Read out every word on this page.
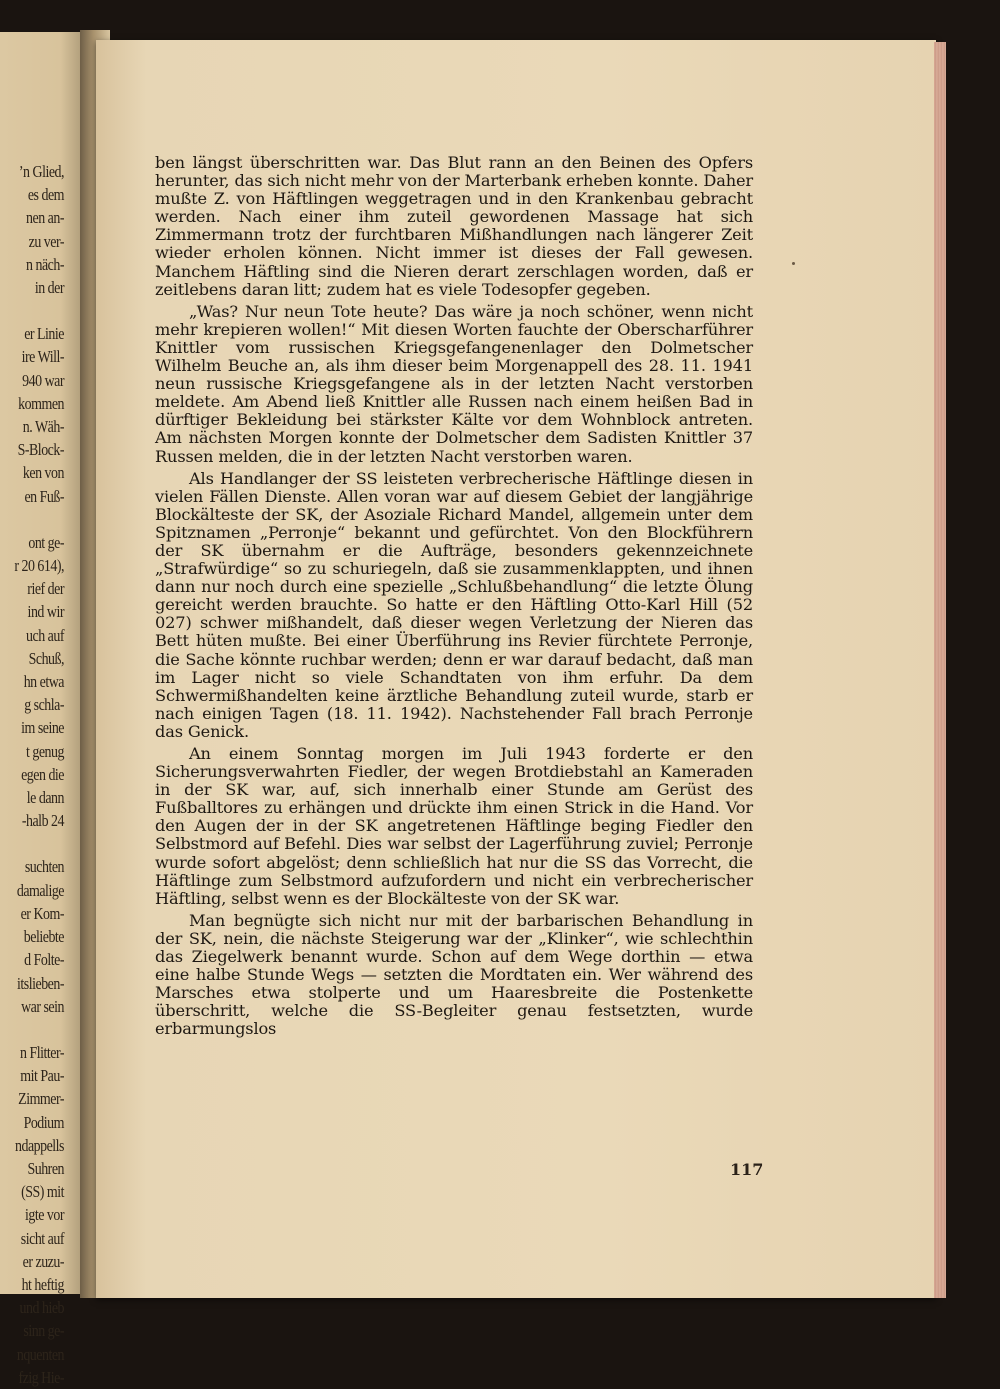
’n Glied,
es dem
nen an-
zu ver-
n näch-
in der
er Linie
ire Will-
940 war
kommen
n. Wäh-
S-Block-
ken von
en Fuß-
ont ge-
r 20 614),
rief der
ind wir
uch auf
Schuß,
hn etwa
g schla-
im seine
t genug
egen die
le dann
-halb 24
suchten
damalige
er Kom-
beliebte
d Folte-
itslieben-
war sein
n Flitter-
mit Pau-
Zimmer-
Podium
ndappells
Suhren
(SS) mit
igte vor
sicht auf
er zuzu-
ht heftig
und hieb
sinn ge-
nquenten
fzig Hie-

ben längst überschritten war. Das Blut rann an den Beinen des Opfers herunter, das sich nicht mehr von der Marterbank erheben konnte. Daher mußte Z. von Häftlingen weggetragen und in den Krankenbau gebracht werden. Nach einer ihm zuteil gewordenen Massage hat sich Zimmermann trotz der furchtbaren Mißhandlungen nach längerer Zeit wieder erholen können. Nicht immer ist dieses der Fall gewesen. Manchem Häftling sind die Nieren derart zerschlagen worden, daß er zeitlebens daran litt; zudem hat es viele Todesopfer gegeben.

„Was? Nur neun Tote heute? Das wäre ja noch schöner, wenn nicht mehr krepieren wollen!“ Mit diesen Worten fauchte der Oberscharführer Knittler vom russischen Kriegsgefangenenlager den Dolmetscher Wilhelm Beuche an, als ihm dieser beim Morgenappell des 28. 11. 1941 neun russische Kriegsgefangene als in der letzten Nacht verstorben meldete. Am Abend ließ Knittler alle Russen nach einem heißen Bad in dürftiger Bekleidung bei stärkster Kälte vor dem Wohnblock antreten. Am nächsten Morgen konnte der Dolmetscher dem Sadisten Knittler 37 Russen melden, die in der letzten Nacht verstorben waren.

Als Handlanger der SS leisteten verbrecherische Häftlinge diesen in vielen Fällen Dienste. Allen voran war auf diesem Gebiet der langjährige Blockälteste der SK, der Asoziale Richard Mandel, allgemein unter dem Spitznamen „Perronje“ bekannt und gefürchtet. Von den Blockführern der SK übernahm er die Aufträge, besonders gekennzeichnete „Strafwürdige“ so zu schuriegeln, daß sie zusammenklappten, und ihnen dann nur noch durch eine spezielle „Schlußbehandlung“ die letzte Ölung gereicht werden brauchte. So hatte er den Häftling Otto-Karl Hill (52 027) schwer mißhandelt, daß dieser wegen Verletzung der Nieren das Bett hüten mußte. Bei einer Überführung ins Revier fürchtete Perronje, die Sache könnte ruchbar werden; denn er war darauf bedacht, daß man im Lager nicht so viele Schandtaten von ihm erfuhr. Da dem Schwermißhandelten keine ärztliche Behandlung zuteil wurde, starb er nach einigen Tagen (18. 11. 1942). Nachstehender Fall brach Perronje das Genick.

An einem Sonntag morgen im Juli 1943 forderte er den Sicherungsverwahrten Fiedler, der wegen Brotdiebstahl an Kameraden in der SK war, auf, sich innerhalb einer Stunde am Gerüst des Fußballtores zu erhängen und drückte ihm einen Strick in die Hand. Vor den Augen der in der SK angetretenen Häftlinge beging Fiedler den Selbstmord auf Befehl. Dies war selbst der Lagerführung zuviel; Perronje wurde sofort abgelöst; denn schließlich hat nur die SS das Vorrecht, die Häftlinge zum Selbstmord aufzufordern und nicht ein verbrecherischer Häftling, selbst wenn es der Blockälteste von der SK war.

Man begnügte sich nicht nur mit der barbarischen Behandlung in der SK, nein, die nächste Steigerung war der „Klinker“, wie schlechthin das Ziegelwerk benannt wurde. Schon auf dem Wege dorthin — etwa eine halbe Stunde Wegs — setzten die Mordtaten ein. Wer während des Marsches etwa stolperte und um Haaresbreite die Postenkette überschritt, welche die SS-Begleiter genau festsetzten, wurde erbarmungslos

117
